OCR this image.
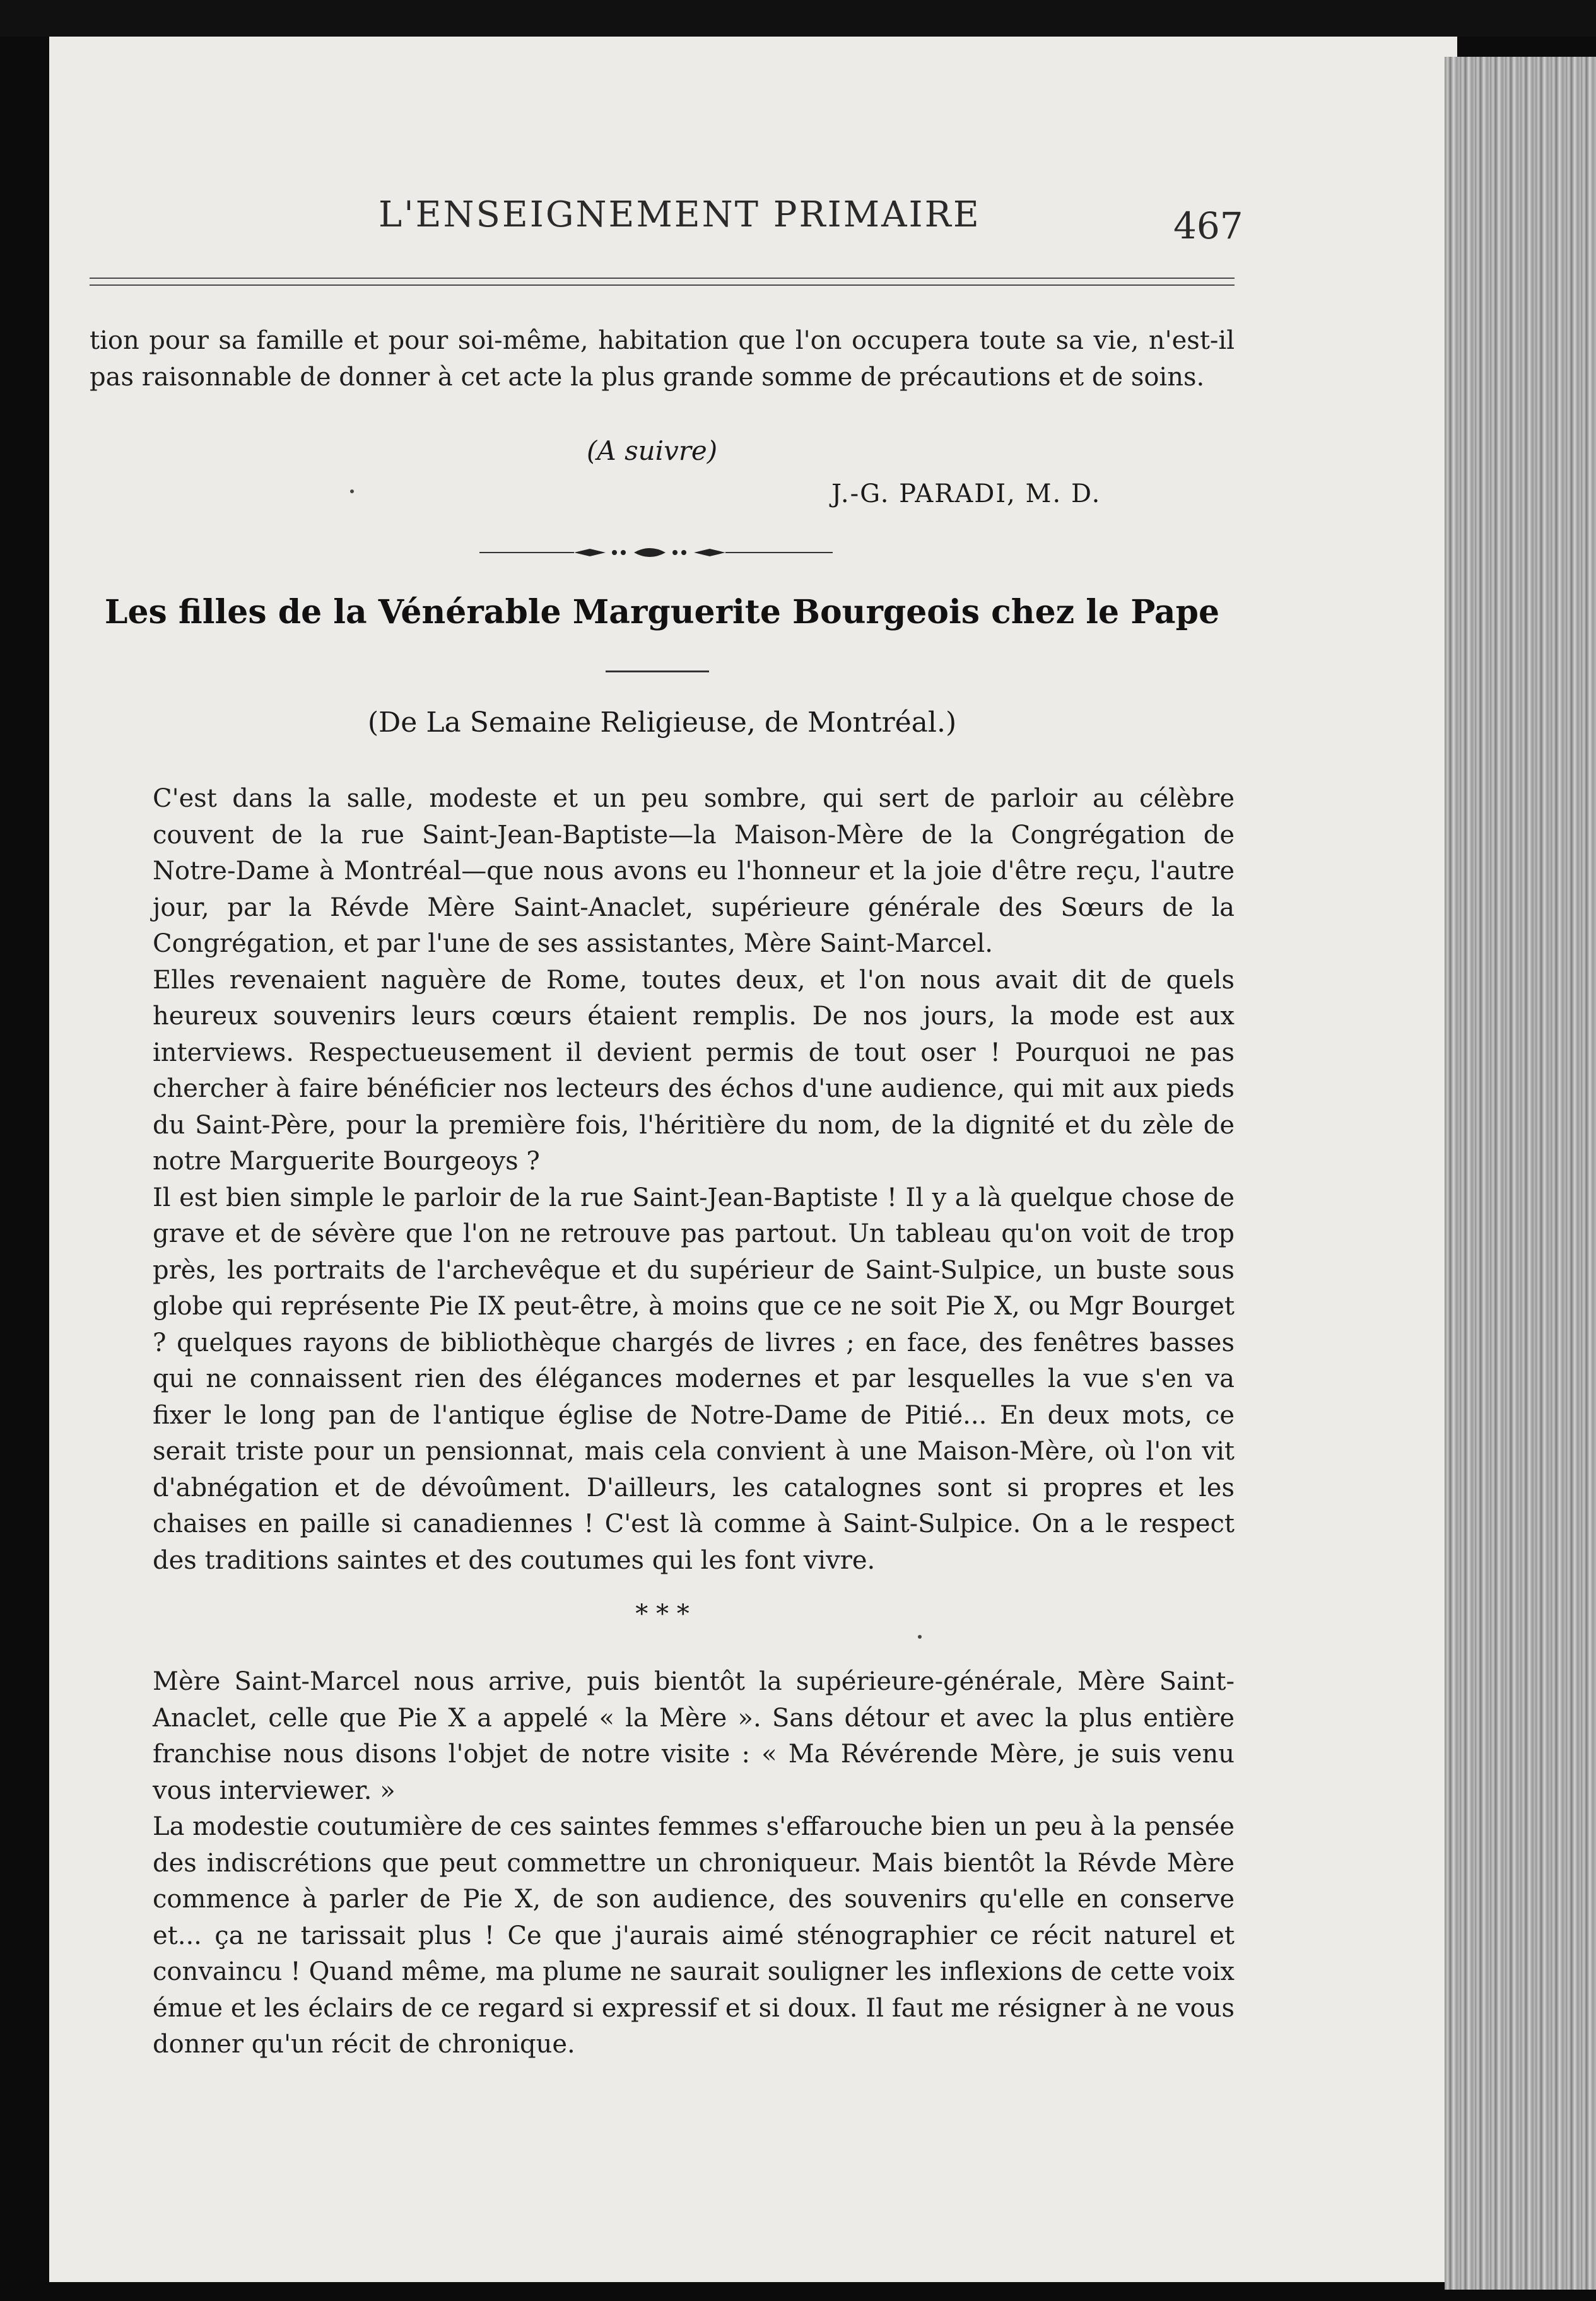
L'ENSEIGNEMENT PRIMAIRE	467
tion pour sa famille et pour soi-même, habitation que l'on occupera toute sa vie, n'est-il pas raisonnable de donner à cet acte la plus grande somme de précautions et de soins.
(A suivre)
J.-G. PARADI, M. D.
Les filles de la Vénérable Marguerite Bourgeois chez le Pape
(De La Semaine Religieuse, de Montréal.)
C'est dans la salle, modeste et un peu sombre, qui sert de parloir au célèbre couvent de la rue Saint-Jean-Baptiste—la Maison-Mère de la Congrégation de Notre-Dame à Montréal—que nous avons eu l'honneur et la joie d'être reçu, l'autre jour, par la Révde Mère Saint-Anaclet, supérieure générale des Sœurs de la Congrégation, et par l'une de ses assistantes, Mère Saint-Marcel.
Elles revenaient naguère de Rome, toutes deux, et l'on nous avait dit de quels heureux souvenirs leurs cœurs étaient remplis. De nos jours, la mode est aux interviews. Respectueusement il devient permis de tout oser ! Pourquoi ne pas chercher à faire bénéficier nos lecteurs des échos d'une audience, qui mit aux pieds du Saint-Père, pour la première fois, l'héritière du nom, de la dignité et du zèle de notre Marguerite Bourgeoys ?
Il est bien simple le parloir de la rue Saint-Jean-Baptiste ! Il y a là quelque chose de grave et de sévère que l'on ne retrouve pas partout. Un tableau qu'on voit de trop près, les portraits de l'archevêque et du supérieur de Saint-Sulpice, un buste sous globe qui représente Pie IX peut-être, à moins que ce ne soit Pie X, ou Mgr Bourget ? quelques rayons de bibliothèque chargés de livres ; en face, des fenêtres basses qui ne connaissent rien des élégances modernes et par lesquelles la vue s'en va fixer le long pan de l'antique église de Notre-Dame de Pitié... En deux mots, ce serait triste pour un pensionnat, mais cela convient à une Maison-Mère, où l'on vit d'abnégation et de dévoûment. D'ailleurs, les catalognes sont si propres et les chaises en paille si canadiennes ! C'est là comme à Saint-Sulpice. On a le respect des traditions saintes et des coutumes qui les font vivre.
* * *
Mère Saint-Marcel nous arrive, puis bientôt la supérieure-générale, Mère Saint-Anaclet, celle que Pie X a appelé « la Mère ». Sans détour et avec la plus entière franchise nous disons l'objet de notre visite : « Ma Révérende Mère, je suis venu vous interviewer. »
La modestie coutumière de ces saintes femmes s'effarouche bien un peu à la pensée des indiscrétions que peut commettre un chroniqueur. Mais bientôt la Révde Mère commence à parler de Pie X, de son audience, des souvenirs qu'elle en conserve et... ça ne tarissait plus ! Ce que j'aurais aimé sténographier ce récit naturel et convaincu ! Quand même, ma plume ne saurait souligner les inflexions de cette voix émue et les éclairs de ce regard si expressif et si doux. Il faut me résigner à ne vous donner qu'un récit de chronique.
